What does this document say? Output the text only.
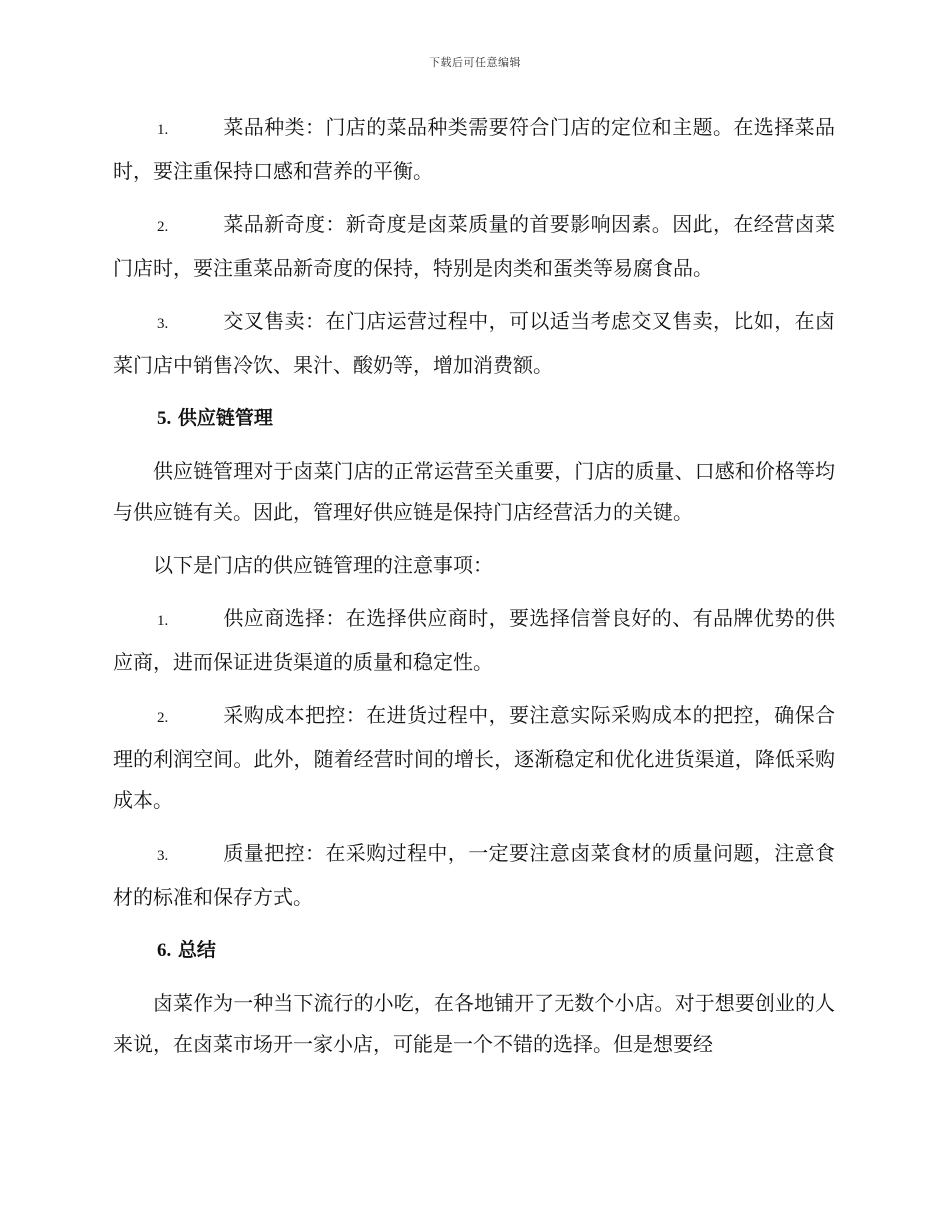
下载后可任意编辑
1.	菜品种类：门店的菜品种类需要符合门店的定位和主题。在选择菜品时，要注重保持口感和营养的平衡。
2.	菜品新奇度：新奇度是卤菜质量的首要影响因素。因此，在经营卤菜门店时，要注重菜品新奇度的保持，特别是肉类和蛋类等易腐食品。
3.	交叉售卖：在门店运营过程中，可以适当考虑交叉售卖，比如，在卤菜门店中销售冷饮、果汁、酸奶等，增加消费额。
5. 供应链管理

供应链管理对于卤菜门店的正常运营至关重要，门店的质量、口感和价格等均与供应链有关。因此，管理好供应链是保持门店经营活力的关键。

以下是门店的供应链管理的注意事项：

1.	供应商选择：在选择供应商时，要选择信誉良好的、有品牌优势的供应商，进而保证进货渠道的质量和稳定性。
2.	采购成本把控：在进货过程中，要注意实际采购成本的把控，确保合理的利润空间。此外，随着经营时间的增长，逐渐稳定和优化进货渠道，降低采购成本。
3.	质量把控：在采购过程中，一定要注意卤菜食材的质量问题，注意食材的标准和保存方式。
6. 总结

卤菜作为一种当下流行的小吃，在各地铺开了无数个小店。对于想要创业的人来说，在卤菜市场开一家小店，可能是一个不错的选择。但是想要经
